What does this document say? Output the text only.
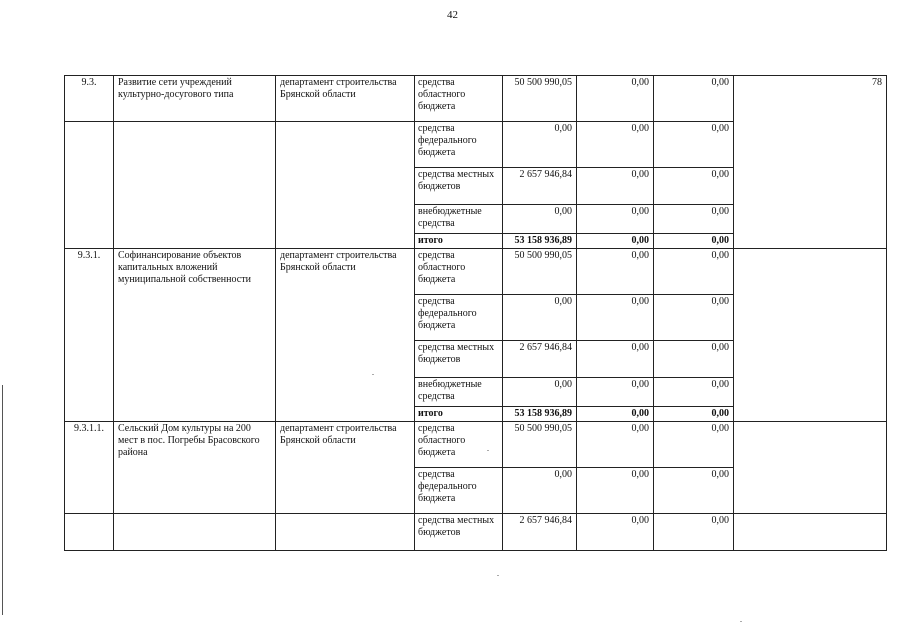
42
9.3.	Развитие сети учреждений культурно-досугового типа	департамент строительства Брянской области	средства областного бюджета	50 500 990,05	0,00	0,00	78
			средства федерального бюджета	0,00	0,00	0,00	
			средства местных бюджетов	2 657 946,84	0,00	0,00	
			внебюджетные средства	0,00	0,00	0,00	
			итого	53 158 936,89	0,00	0,00	
9.3.1.	Софинансирование объектов капитальных вложений муниципальной собственности	департамент строительства Брянской области	средства областного бюджета	50 500 990,05	0,00	0,00	
			средства федерального бюджета	0,00	0,00	0,00	
			средства местных бюджетов	2 657 946,84	0,00	0,00	
			внебюджетные средства	0,00	0,00	0,00	
			итого	53 158 936,89	0,00	0,00	
9.3.1.1.	Сельский Дом культуры на 200 мест в пос. Погребы Брасовского района	департамент строительства Брянской области	средства областного бюджета	50 500 990,05	0,00	0,00	
			средства федерального бюджета	0,00	0,00	0,00	
			средства местных бюджетов	2 657 946,84	0,00	0,00	
